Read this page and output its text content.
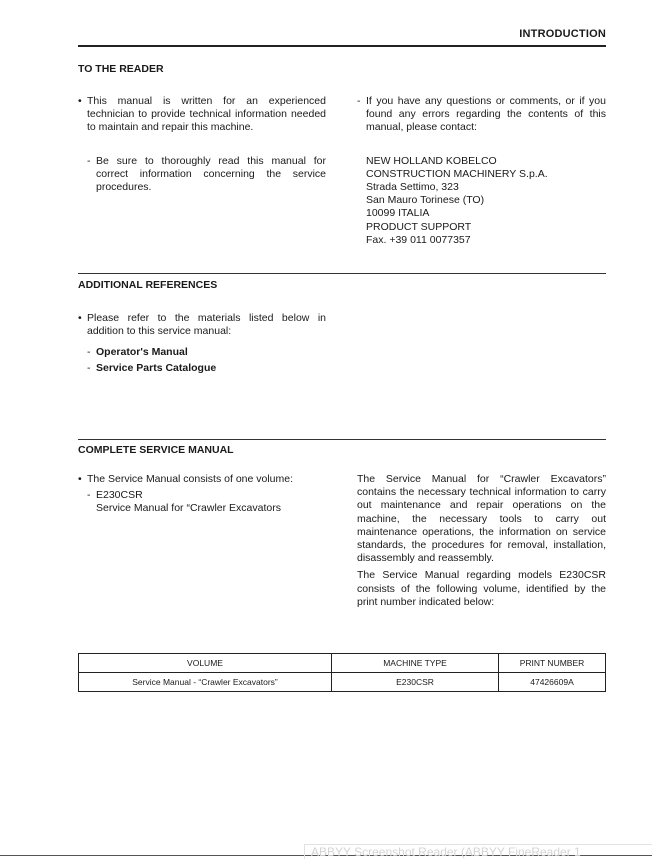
INTRODUCTION
TO THE READER
• This manual is written for an experienced technician to provide technical information needed to maintain and repair this machine.
- Be sure to thoroughly read this manual for correct information concerning the service procedures.
- If you have any questions or comments, or if you found any errors regarding the contents of this manual, please contact:
NEW HOLLAND KOBELCO
CONSTRUCTION MACHINERY S.p.A.
Strada Settimo, 323
San Mauro Torinese (TO)
10099 ITALIA
PRODUCT SUPPORT
Fax. +39 011 0077357
ADDITIONAL REFERENCES
• Please refer to the materials listed below in addition to this service manual:
- Operator's Manual
- Service Parts Catalogue
COMPLETE SERVICE MANUAL
• The Service Manual consists of one volume:
- E230CSR
Service Manual for “Crawler Excavators
The Service Manual for “Crawler Excavators” contains the necessary technical information to carry out maintenance and repair operations on the machine, the necessary tools to carry out maintenance operations, the information on service standards, the procedures for removal, installation, disassembly and reassembly.
The Service Manual regarding models E230CSR consists of the following volume, identified by the print number indicated below:
VOLUME	MACHINE TYPE	PRINT NUMBER
Service Manual - “Crawler Excavators”	E230CSR	47426609A
ABBYY Screenshot Reader (ABBYY FineReader 1
